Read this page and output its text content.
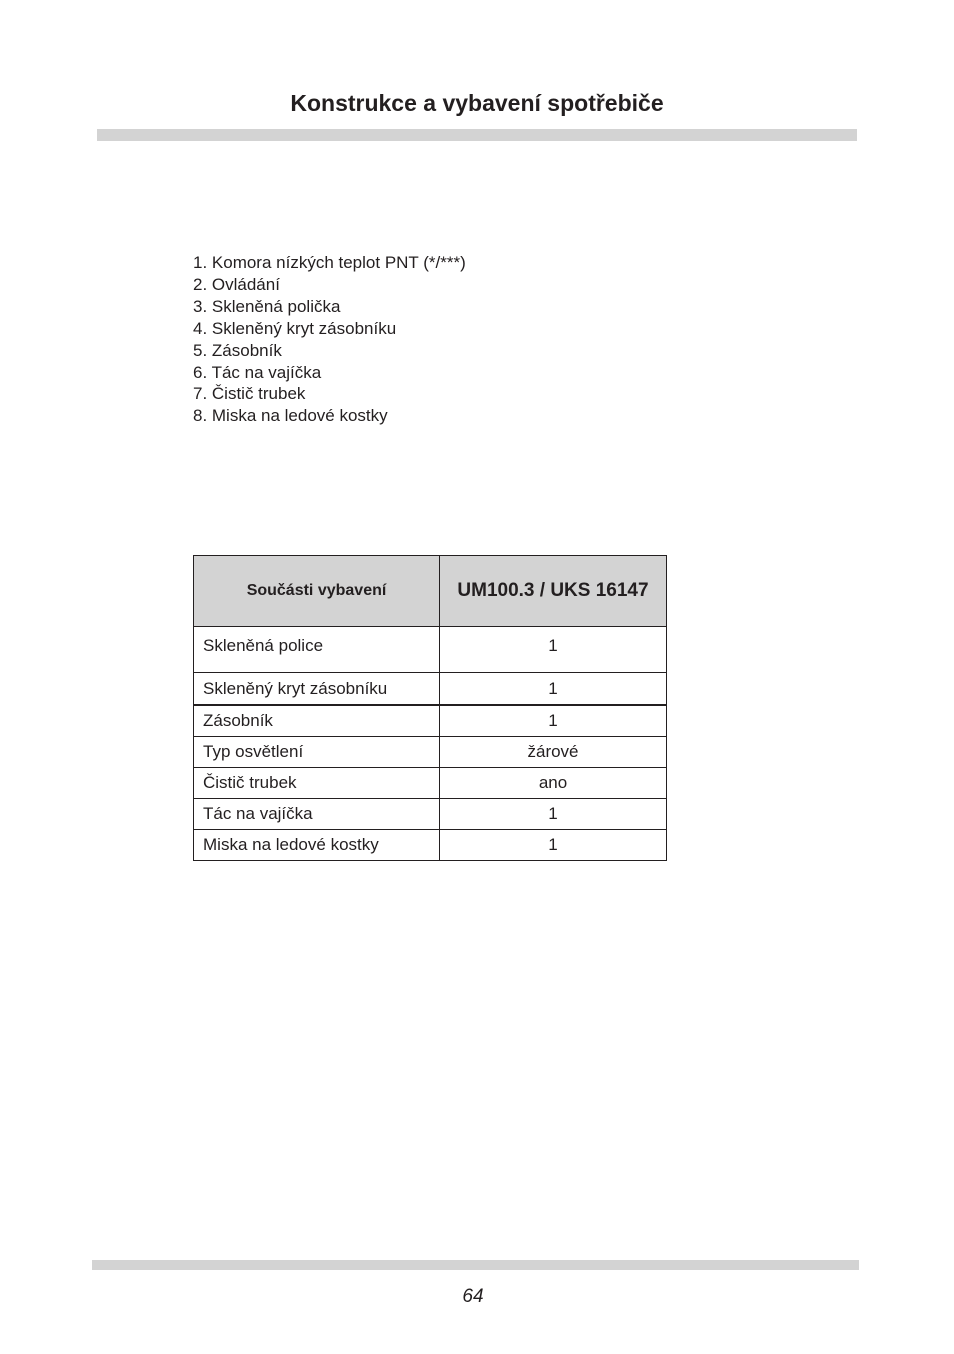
Konstrukce a vybavení spotřebiče
1. Komora nízkých teplot PNT (*/***)
2. Ovládání
3. Skleněná polička
4. Skleněný kryt zásobníku
5. Zásobník
6. Tác na vajíčka
7. Čistič trubek
8. Miska na ledové kostky
Součásti vybavení	UM100.3 / UKS 16147
Skleněná police	1
Skleněný kryt zásobníku	1
Zásobník	1
Typ osvětlení	žárové
Čistič trubek	ano
Tác na vajíčka	1
Miska na ledové kostky	1
64
